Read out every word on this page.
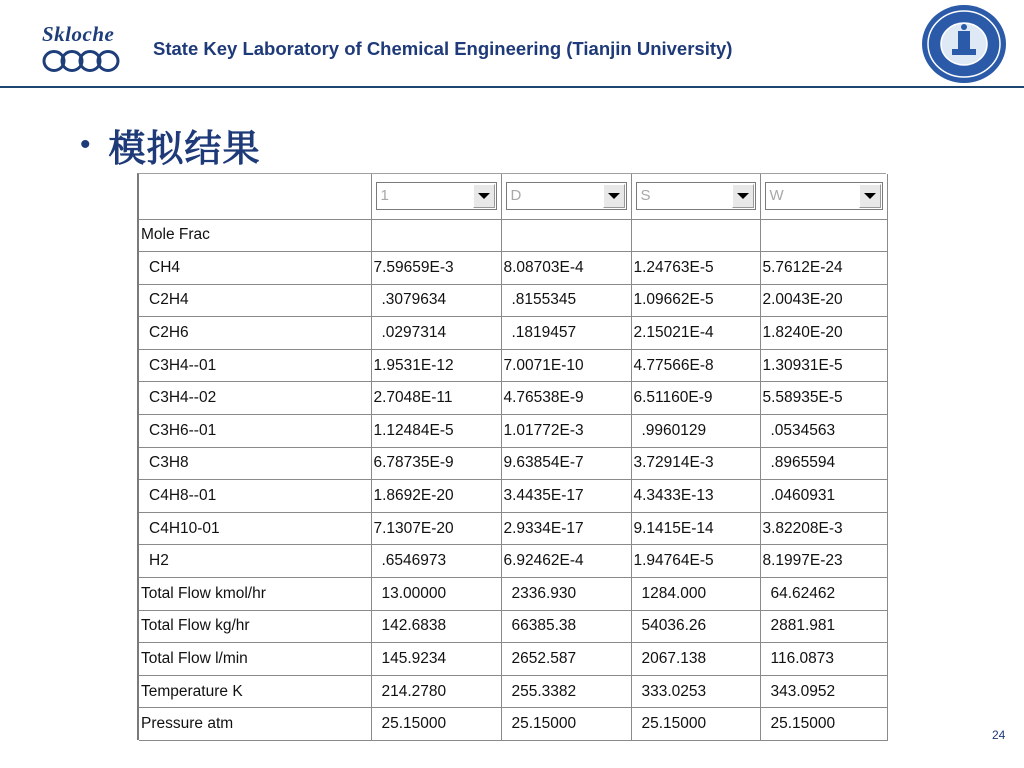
Skloche
State Key Laboratory of Chemical Engineering (Tianjin University)
• 模拟结果

	1	D	S	W

Mole Frac				
CH4	7.59659E-3	8.08703E-4	1.24763E-5	5.7612E-24
C2H4	.3079634	.8155345	1.09662E-5	2.0043E-20
C2H6	.0297314	.1819457	2.15021E-4	1.8240E-20
C3H4--01	1.9531E-12	7.0071E-10	4.77566E-8	1.30931E-5
C3H4--02	2.7048E-11	4.76538E-9	6.51160E-9	5.58935E-5
C3H6--01	1.12484E-5	1.01772E-3	.9960129	.0534563
C3H8	6.78735E-9	9.63854E-7	3.72914E-3	.8965594
C4H8--01	1.8692E-20	3.4435E-17	4.3433E-13	.0460931
C4H10-01	7.1307E-20	2.9334E-17	9.1415E-14	3.82208E-3
H2	.6546973	6.92462E-4	1.94764E-5	8.1997E-23
Total Flow kmol/hr	13.00000	2336.930	1284.000	64.62462
Total Flow kg/hr	142.6838	66385.38	54036.26	2881.981
Total Flow l/min	145.9234	2652.587	2067.138	116.0873
Temperature K	214.2780	255.3382	333.0253	343.0952
Pressure atm	25.15000	25.15000	25.15000	25.15000
24
